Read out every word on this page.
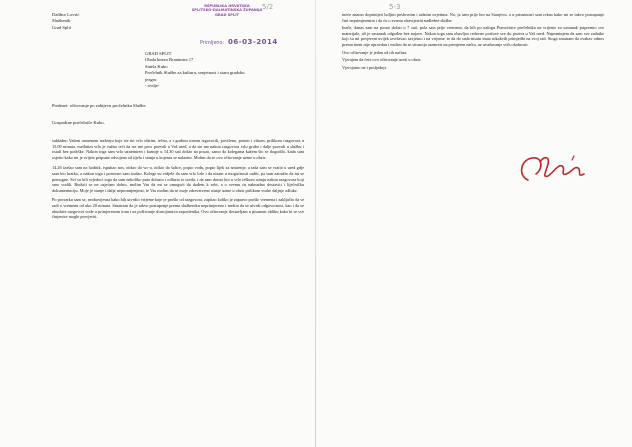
5/2	5-3
REPUBLIKA HRVATSKA
SPLITSKO-DALMATINSKA ŽUPANIJA
GRAD SPLIT
Primljeno: 06-03-2014
Dalibor Lovrić
Službenik
Grad Split
GRAD SPLIT
Obala kneza Branimira 17
Siniša Kuko
Pročelnik Službe za kulturu, umjetnost i staru gradsku
jezgru
- ovdje-
Predmet: očitovanje po zahtjevu pročelnika Službe
Gospodine pročelniče Kuko,

sukladno Vašem usmenom traženju koje ste mi vrlo oštrim, tečno, a i grubim tonom izgovorili, povišeno, potom i vikom, prilikom razgovora u 15.09 minuta, međutim vrlo je važno reći da ste me prvo pozvali u Vaš ured, a da ste me nakon razgovora vrlo grubo i dalje pozvali u službu i ostali bez podrške. Nakon toga sam vrlo uznemiren i kasnije u 14.30 sati došao na posao, samo da kolegama kažem što se dogodilo, kada sam osjetio kako mi je svijest potpuno odvojena od tijela i stanja u kojemu se nalazim. Molim da se ovo očitovanje uzme u obzir.

14.26 izašao sam na hodnik, ispuhao nos, otišao do wc-a, otišao do šalice, popio vodu, popio lijek za smirenje, a tada sam se vratio u ured gdje sam bio kratko, a nakon toga i ponovno sam izašao. Kolege su vidjele da sam vrlo loše i da nisam u mogućnosti raditi, pa sam zatražio da mi se pomogne. Svi su bili svjedoci toga da sam nekoliko puta dolazio i odlazio iz ureda, i da sam doista bio u vrlo teškom stanju nakon razgovora koji smo vodili. Budući se ne osjećam dobro, molim Vas da mi se omogući da dođem k sebi, a o svemu ću naknadno dostaviti i liječničku dokumentaciju. Moje je stanje i dalje nepromijenjeno, te Vas molim da se moje zdravstveno stanje uzme u obzir prilikom svake daljnje odluke.

Po povratku sam se, neobavijesna kako bih utvrdio vrijeme koje je prošlo od razgovora, zapitao koliko je zapravo prošlo vremena i zaključio da se radi o vremenu od oko 20 minuta. Smatram da je takvo postupanje prema službeniku neprimjereno i molim da se utvrdi odgovornost, kao i da se ubuduće razgovori vode u primjerenom tonu i uz poštivanje dostojanstva zaposlenika. Ovo očitovanje dostavljam u pisanom obliku kako bi se sve činjenice mogle provjeriti.

meće znatno doprinijeti boljim poslovnim i radnim uvjetima. No, ja sam prije bio na Sarajevu, a u prisutnosti sam rekao kako mi se takvo postupanje čini neprimjerenim i da ću o svemu obavijestiti nadležne službe.

Inače, danas sam na posao došao u 7 sati, pola sata prije vremena, da bih po nalogu Pomoćnice pročelnika na vrijeme za sastanak pripremio sve materijale, ali je sastanak odgođen bez najave. Nakon toga sam obavljao redovne poslove sve do poziva u Vaš ured. Napominjem da sam sve zadatke koji su mi povjereni uvijek izvršavao savjesno i na vrijeme, te da do sada nisam imao nikakvih primjedbi na svoj rad. Stoga smatram da ovakav odnos prema meni nije opravdan i molim da se situacija razmotri na primjeren način, uz uvažavanje svih okolnosti.

Ovo očitovanje je jedan od tih načina.

Vjerujem da ćete ovo očitovanje uzeti u obzir.

Vjerojatno ne i posljednji.
